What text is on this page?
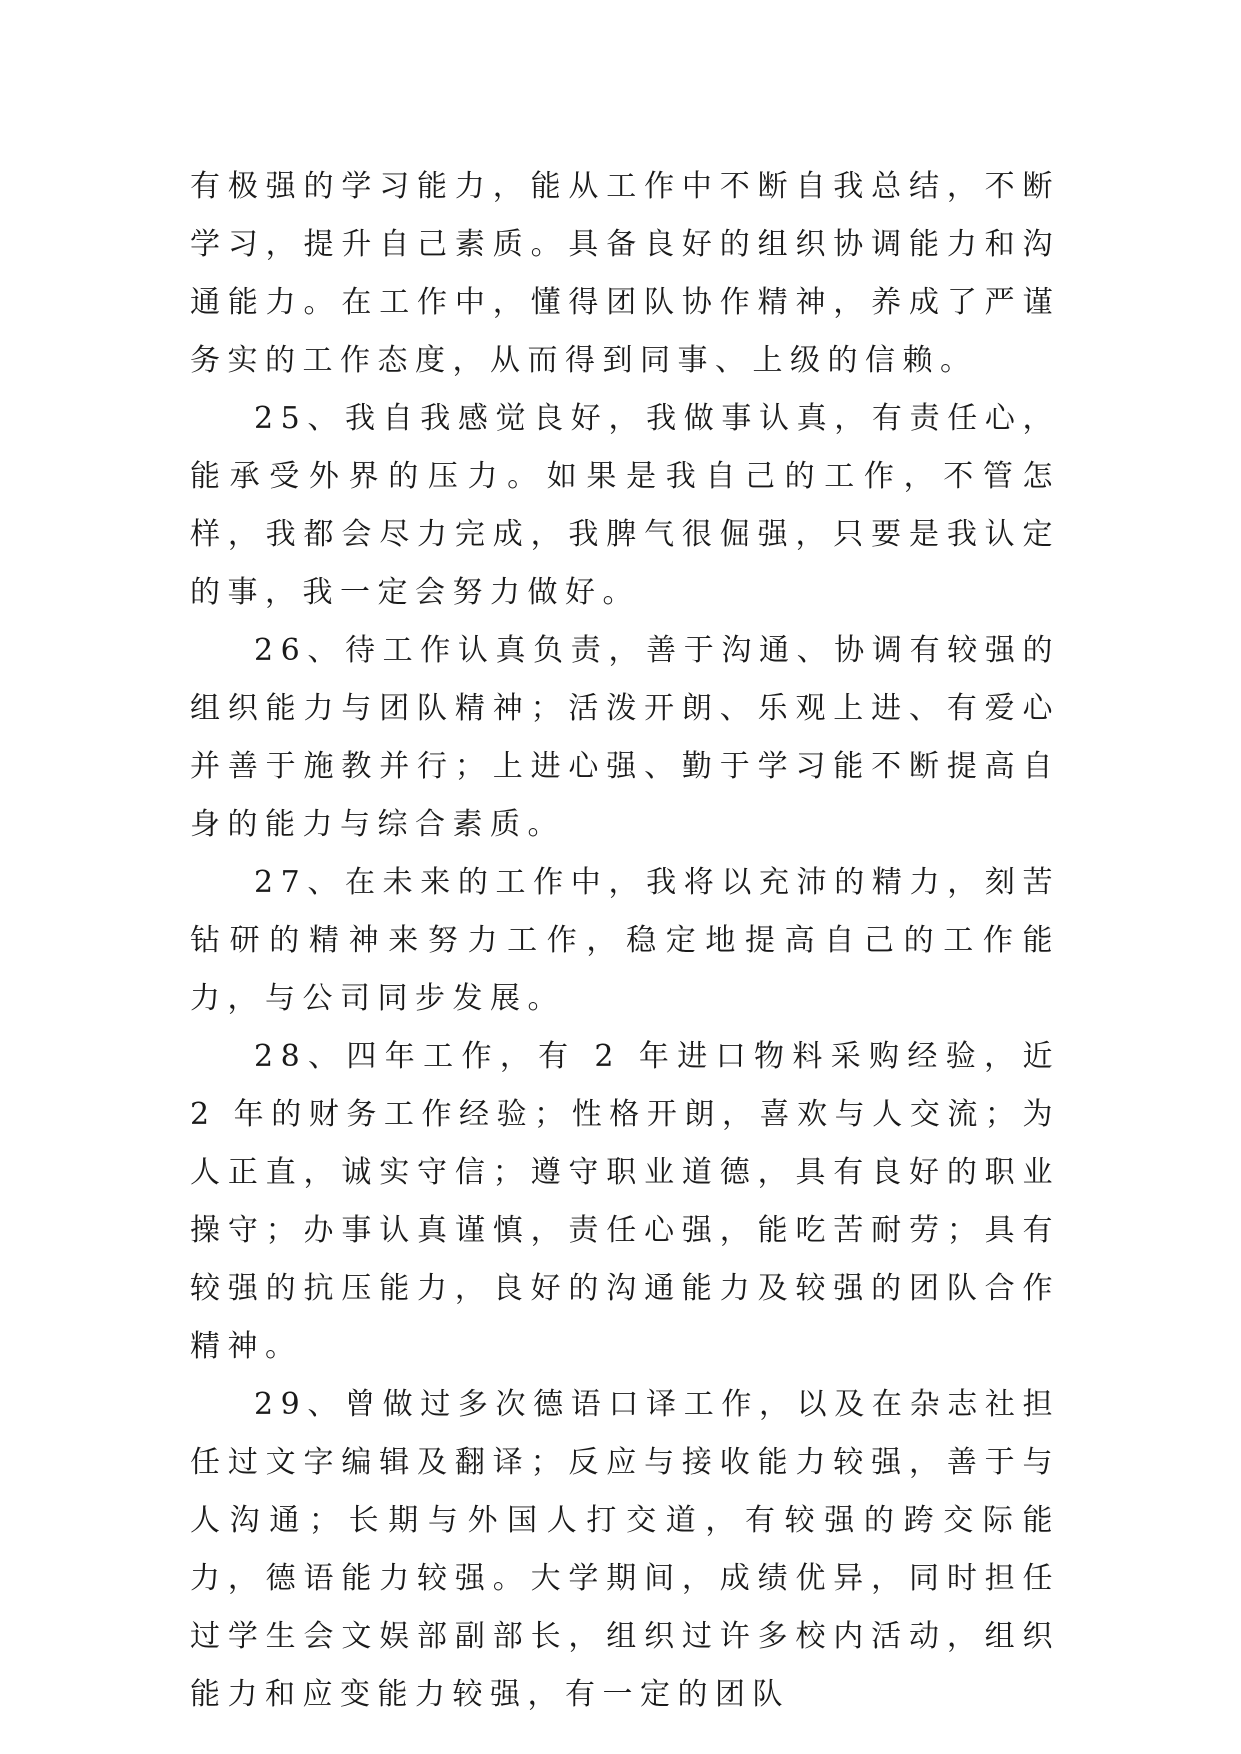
有极强的学习能力，能从工作中不断自我总结，不断学习，提升自己素质。具备良好的组织协调能力和沟通能力。在工作中，懂得团队协作精神，养成了严谨务实的工作态度，从而得到同事、上级的信赖。

25、我自我感觉良好，我做事认真，有责任心，能承受外界的压力。如果是我自己的工作，不管怎样，我都会尽力完成，我脾气很倔强，只要是我认定的事，我一定会努力做好。

26、待工作认真负责，善于沟通、协调有较强的组织能力与团队精神；活泼开朗、乐观上进、有爱心并善于施教并行；上进心强、勤于学习能不断提高自身的能力与综合素质。

27、在未来的工作中，我将以充沛的精力，刻苦钻研的精神来努力工作，稳定地提高自己的工作能力，与公司同步发展。

28、四年工作，有 2 年进口物料采购经验，近 2 年的财务工作经验；性格开朗，喜欢与人交流；为人正直，诚实守信；遵守职业道德，具有良好的职业操守；办事认真谨慎，责任心强，能吃苦耐劳；具有较强的抗压能力，良好的沟通能力及较强的团队合作精神。

29、曾做过多次德语口译工作，以及在杂志社担任过文字编辑及翻译；反应与接收能力较强，善于与人沟通；长期与外国人打交道，有较强的跨交际能力，德语能力较强。大学期间，成绩优异，同时担任过学生会文娱部副部长，组织过许多校内活动，组织能力和应变能力较强，有一定的团队
